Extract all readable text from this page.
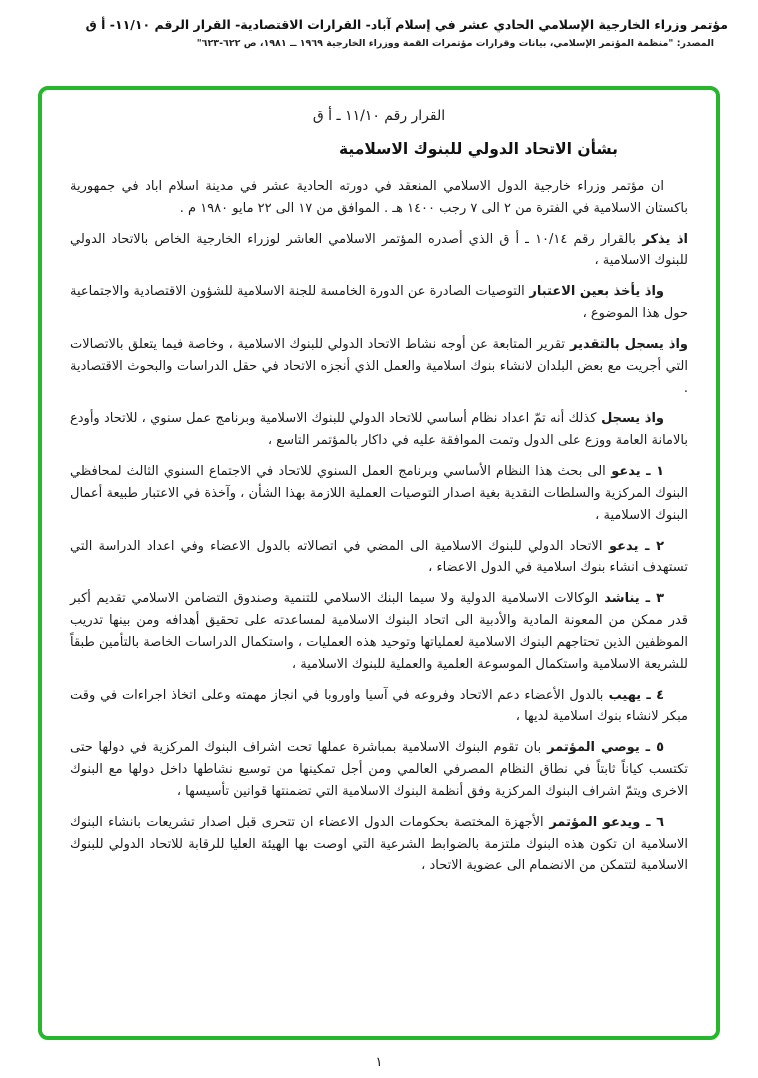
مؤتمر وزراء الخارجية الإسلامي الحادي عشر في إسلام آباد- القرارات الاقتصادية- القرار الرقم ١١/١٠- أ ق
المصدر: "منظمة المؤتمر الإسلامي، بيانات وقرارات مؤتمرات القمة ووزراء الخارجية ١٩٦٩ ــ ١٩٨١، ص ٦٢٢-٦٢٣"
القرار رقم ١١/١٠ ـ أ ق
بشأن الاتحاد الدولي للبنوك الاسلامية

ان مؤتمر وزراء خارجية الدول الاسلامي المنعقد في دورته الحادية عشر في مدينة اسلام اباد في جمهورية باكستان الاسلامية في الفترة من ٢ الى ٧ رجب ١٤٠٠ هـ . الموافق من ١٧ الى ٢٢ مايو ١٩٨٠ م .

اذ يذكربالقرار رقم ١٠/١٤ ـ أ ق الذي أصدره المؤتمر الاسلامي العاشر لوزراء الخارجية الخاص بالاتحاد الدولي للبنوك الاسلامية ،

واذ يأخذ بعين الاعتبارالتوصيات الصادرة عن الدورة الخامسة للجنة الاسلامية للشؤون الاقتصادية والاجتماعية حول هذا الموضوع ،

واذ يسجل بالتقديرتقرير المتابعة عن أوجه نشاط الاتحاد الدولي للبنوك الاسلامية ، وخاصة فيما يتعلق بالاتصالات التي أجريت مع بعض البلدان لانشاء بنوك اسلامية والعمل الذي أنجزه الاتحاد في حقل الدراسات والبحوث الاقتصادية .

واذ يسجلكذلك أنه تمّ اعداد نظام أساسي للاتحاد الدولي للبنوك الاسلامية وبرنامج عمل سنوي ، للاتحاد وأودع بالامانة العامة ووزع على الدول وتمت الموافقة عليه في داكار بالمؤتمر التاسع ،

١ ـ يدعوالى بحث هذا النظام الأساسي وبرنامج العمل السنوي للاتحاد في الاجتماع السنوي الثالث لمحافظي البنوك المركزية والسلطات النقدية بغية اصدار التوصيات العملية اللازمة بهذا الشأن ، وآخذة في الاعتبار طبيعة أعمال البنوك الاسلامية ،

٢ ـ يدعوالاتحاد الدولي للبنوك الاسلامية الى المضي في اتصالاته بالدول الاعضاء وفي اعداد الدراسة التي تستهدف انشاء بنوك اسلامية في الدول الاعضاء ،

٣ ـ يناشدالوكالات الاسلامية الدولية ولا سيما البنك الاسلامي للتنمية وصندوق التضامن الاسلامي تقديم أكبر قدر ممكن من المعونة المادية والأدبية الى اتحاد البنوك الاسلامية لمساعدته على تحقيق أهدافه ومن بينها تدريب الموظفين الذين تحتاجهم البنوك الاسلامية لعملياتها وتوحيد هذه العمليات ، واستكمال الدراسات الخاصة بالتأمين طبقاً للشريعة الاسلامية واستكمال الموسوعة العلمية والعملية للبنوك الاسلامية ،

٤ ـ يهيببالدول الأعضاء دعم الاتحاد وفروعه في آسيا واوروبا في انجاز مهمته وعلى اتخاذ اجراءات في وقت مبكر لانشاء بنوك اسلامية لديها ،

٥ ـ يوصي المؤتمربان تقوم البنوك الاسلامية بمباشرة عملها تحت اشراف البنوك المركزية في دولها حتى تكتسب كياناً ثابتاً في نطاق النظام المصرفي العالمي ومن أجل تمكينها من توسيع نشاطها داخل دولها مع البنوك الاخرى ويتمّ اشراف البنوك المركزية وفق أنظمة البنوك الاسلامية التي تضمنتها قوانين تأسيسها ،

٦ ـ ويدعو المؤتمرالأجهزة المختصة بحكومات الدول الاعضاء ان تتحرى قبل اصدار تشريعات بانشاء البنوك الاسلامية ان تكون هذه البنوك ملتزمة بالضوابط الشرعية التي اوصت بها الهيئة العليا للرقابة للاتحاد الدولي للبنوك الاسلامية لتتمكن من الانضمام الى عضوية الاتحاد ،

١
